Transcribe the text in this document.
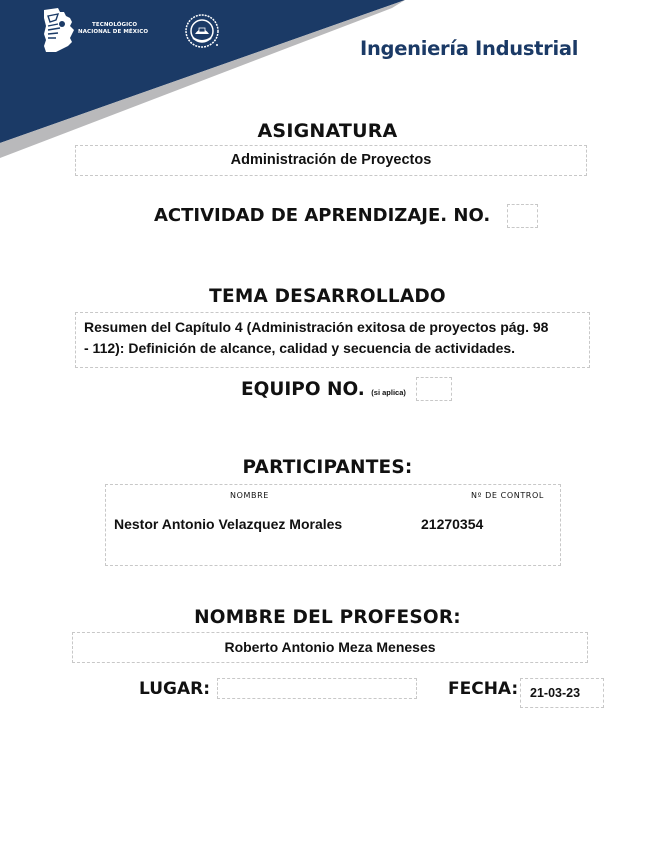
TECNOLÓGICO
NACIONAL DE MÉXICO
Ingeniería Industrial
ASIGNATURA
Administración de Proyectos
ACTIVIDAD DE APRENDIZAJE. NO.
TEMA DESARROLLADO
Resumen del Capítulo 4 (Administración exitosa de proyectos pág. 98
- 112): Definición de alcance, calidad y secuencia de actividades.
EQUIPO NO. (si aplica)
PARTICIPANTES:
NOMBRE	Nº DE CONTROL
Nestor Antonio Velazquez Morales	21270354
NOMBRE DEL PROFESOR:
Roberto Antonio Meza Meneses
LUGAR:	FECHA: 21-03-23
